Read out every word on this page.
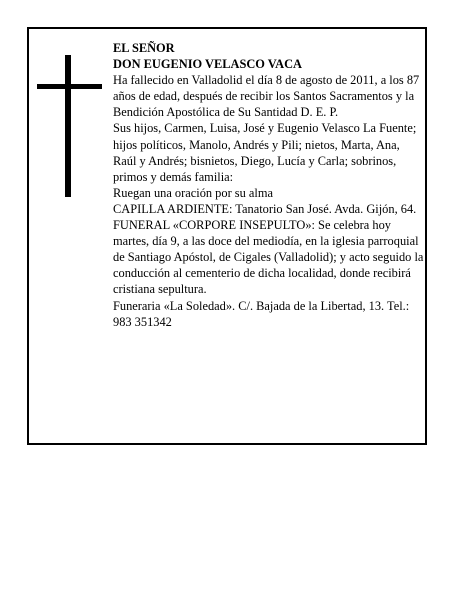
EL SEÑOR

DON EUGENIO VELASCO VACA

Ha fallecido en Valladolid el día 8 de agosto de 2011, a los 87 años de edad, después de recibir los Santos Sacramentos y la Bendición Apostólica de Su Santidad D. E. P.

Sus hijos, Carmen, Luisa, José y Eugenio Velasco La Fuente; hijos políticos, Manolo, Andrés y Pili; nietos, Marta, Ana, Raúl y Andrés; bisnietos, Diego, Lucía y Carla; sobrinos, primos y demás familia:

Ruegan una oración por su alma

CAPILLA ARDIENTE: Tanatorio San José. Avda. Gijón, 64.

FUNERAL «CORPORE INSEPULTO»: Se celebra hoy martes, día 9, a las doce del mediodía, en la iglesia parroquial de Santiago Apóstol, de Cigales (Valladolid); y acto seguido la conducción al cementerio de dicha localidad, donde recibirá cristiana sepultura.

Funeraria «La Soledad». C/. Bajada de la Libertad, 13. Tel.: 983 351342
